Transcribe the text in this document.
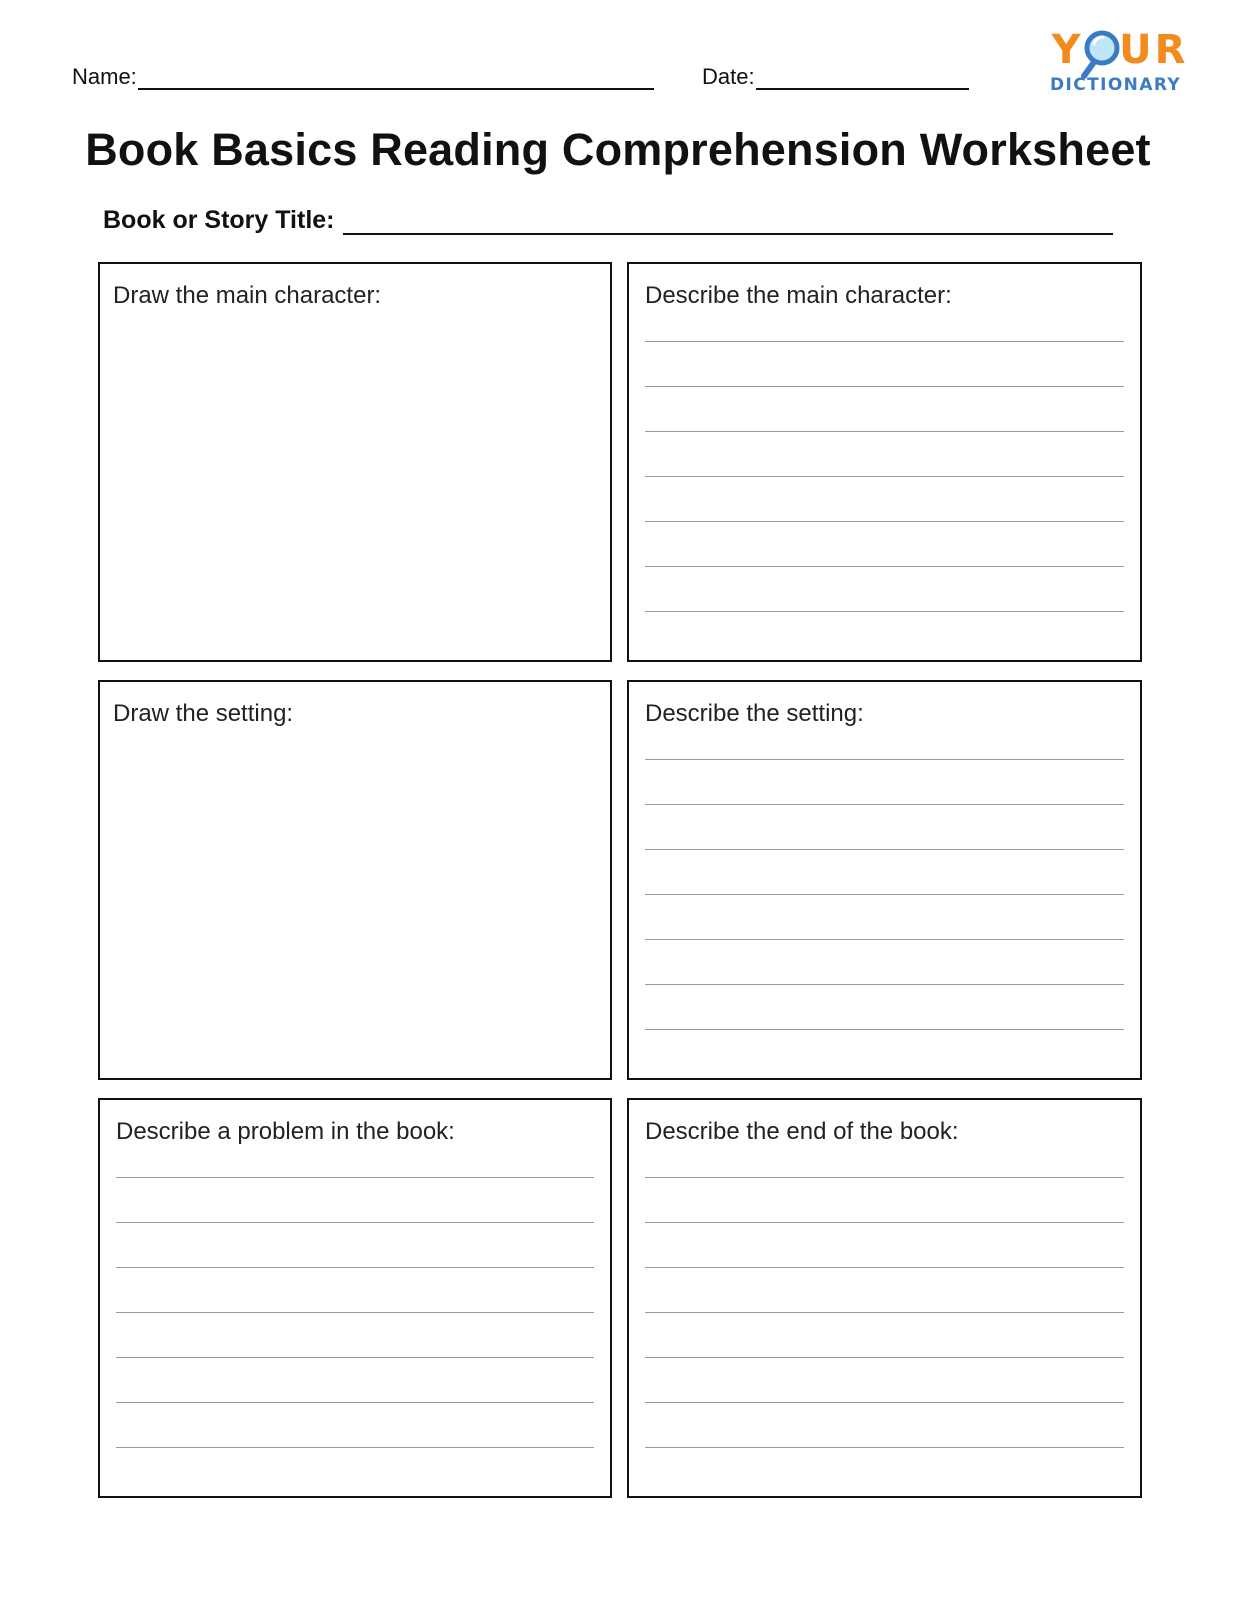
Name:	Date:
Y UR
DICTIONARY
Book Basics Reading Comprehension Worksheet
Book or Story Title:
Draw the main character:	Describe the main character:
Draw the setting:	Describe the setting:
Describe a problem in the book:	Describe the end of the book:
